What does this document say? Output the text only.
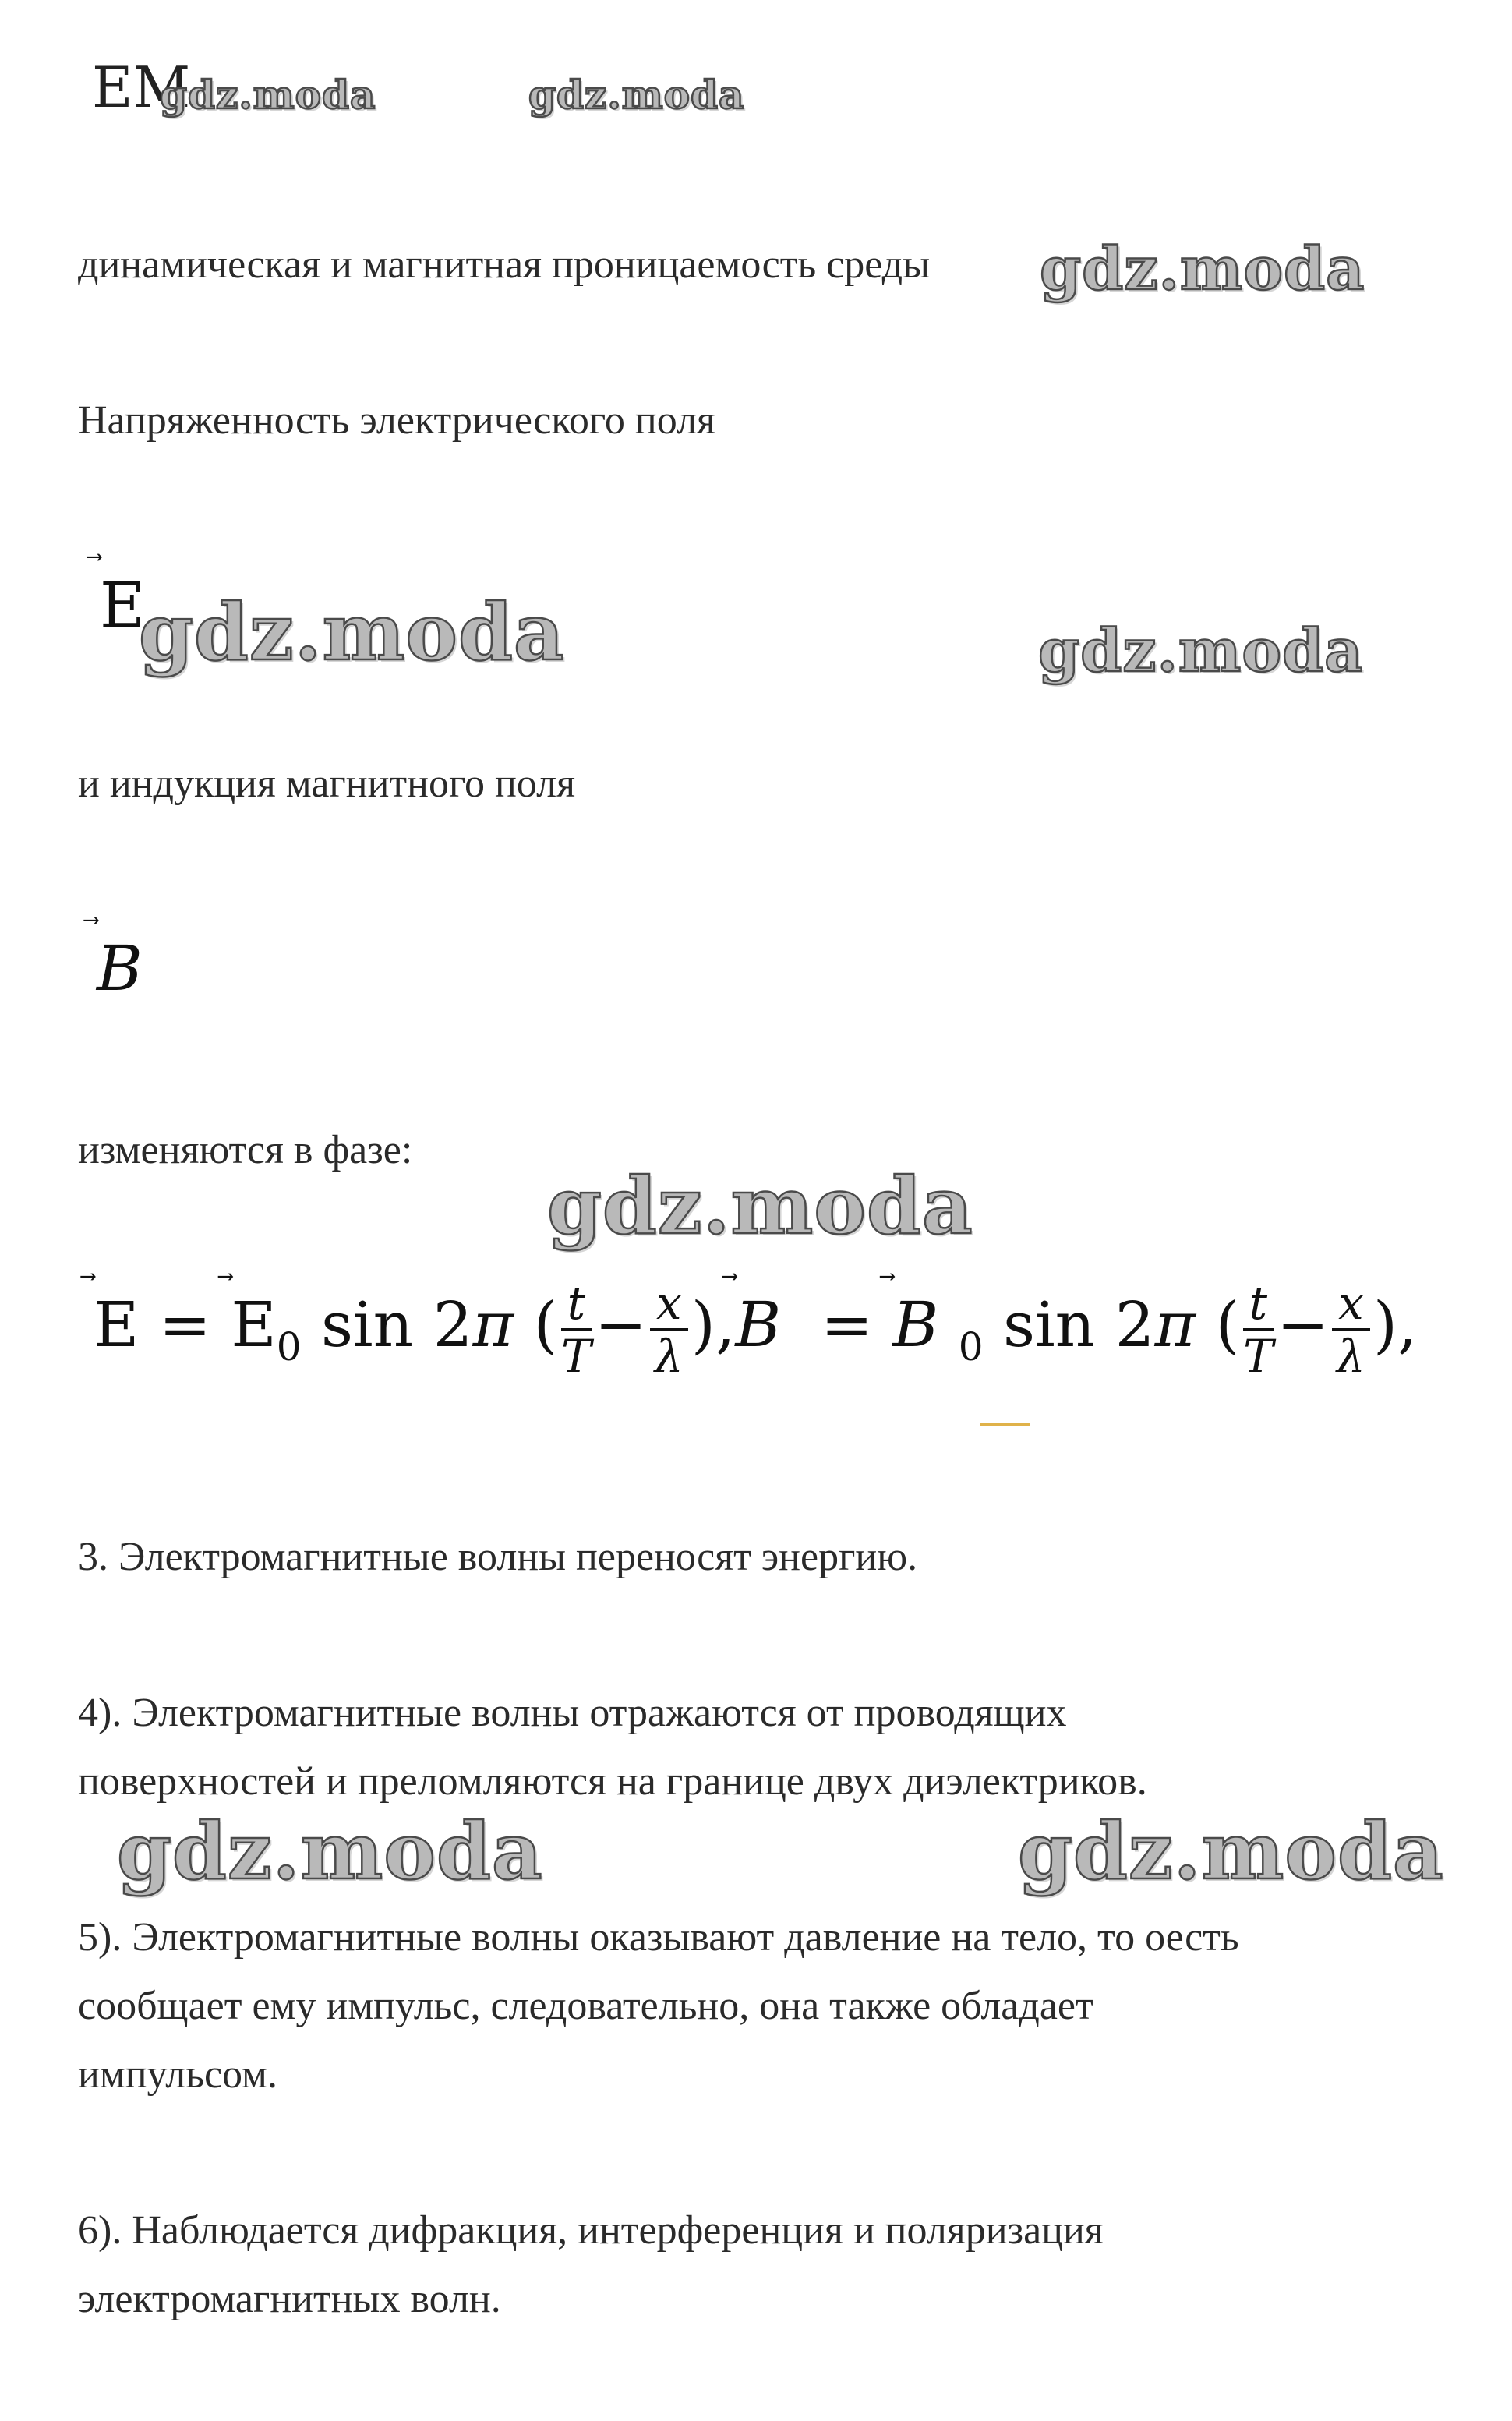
ЕМ
gdz.moda	gdz.moda
динамическая и магнитная проницаемость среды gdz.moda
Напряженность электрического поля
E
gdz.moda	gdz.moda
и индукция магнитного поля
B
изменяются в фазе:
gdz.moda
$E = E_0$ sin 2π ( $\frac{t}{T} - \frac{x}{\lambda}$ ),
B = B $_0$ sin 2π ( $\frac{t}{T} - \frac{x}{\lambda}$ ),
3. Электромагнитные волны переносят энергию.
4). Электромагнитные волны отражаются от проводящих
поверхностей и преломляются на границе двух диэлектриков.
gdz.moda	gdz.moda
5). Электромагнитные волны оказывают давление на тело, то оесть
сообщает ему импульс, следовательно, она также обладает
импульсом.
6). Наблюдается дифракция, интерференция и поляризация
электромагнитных волн.
